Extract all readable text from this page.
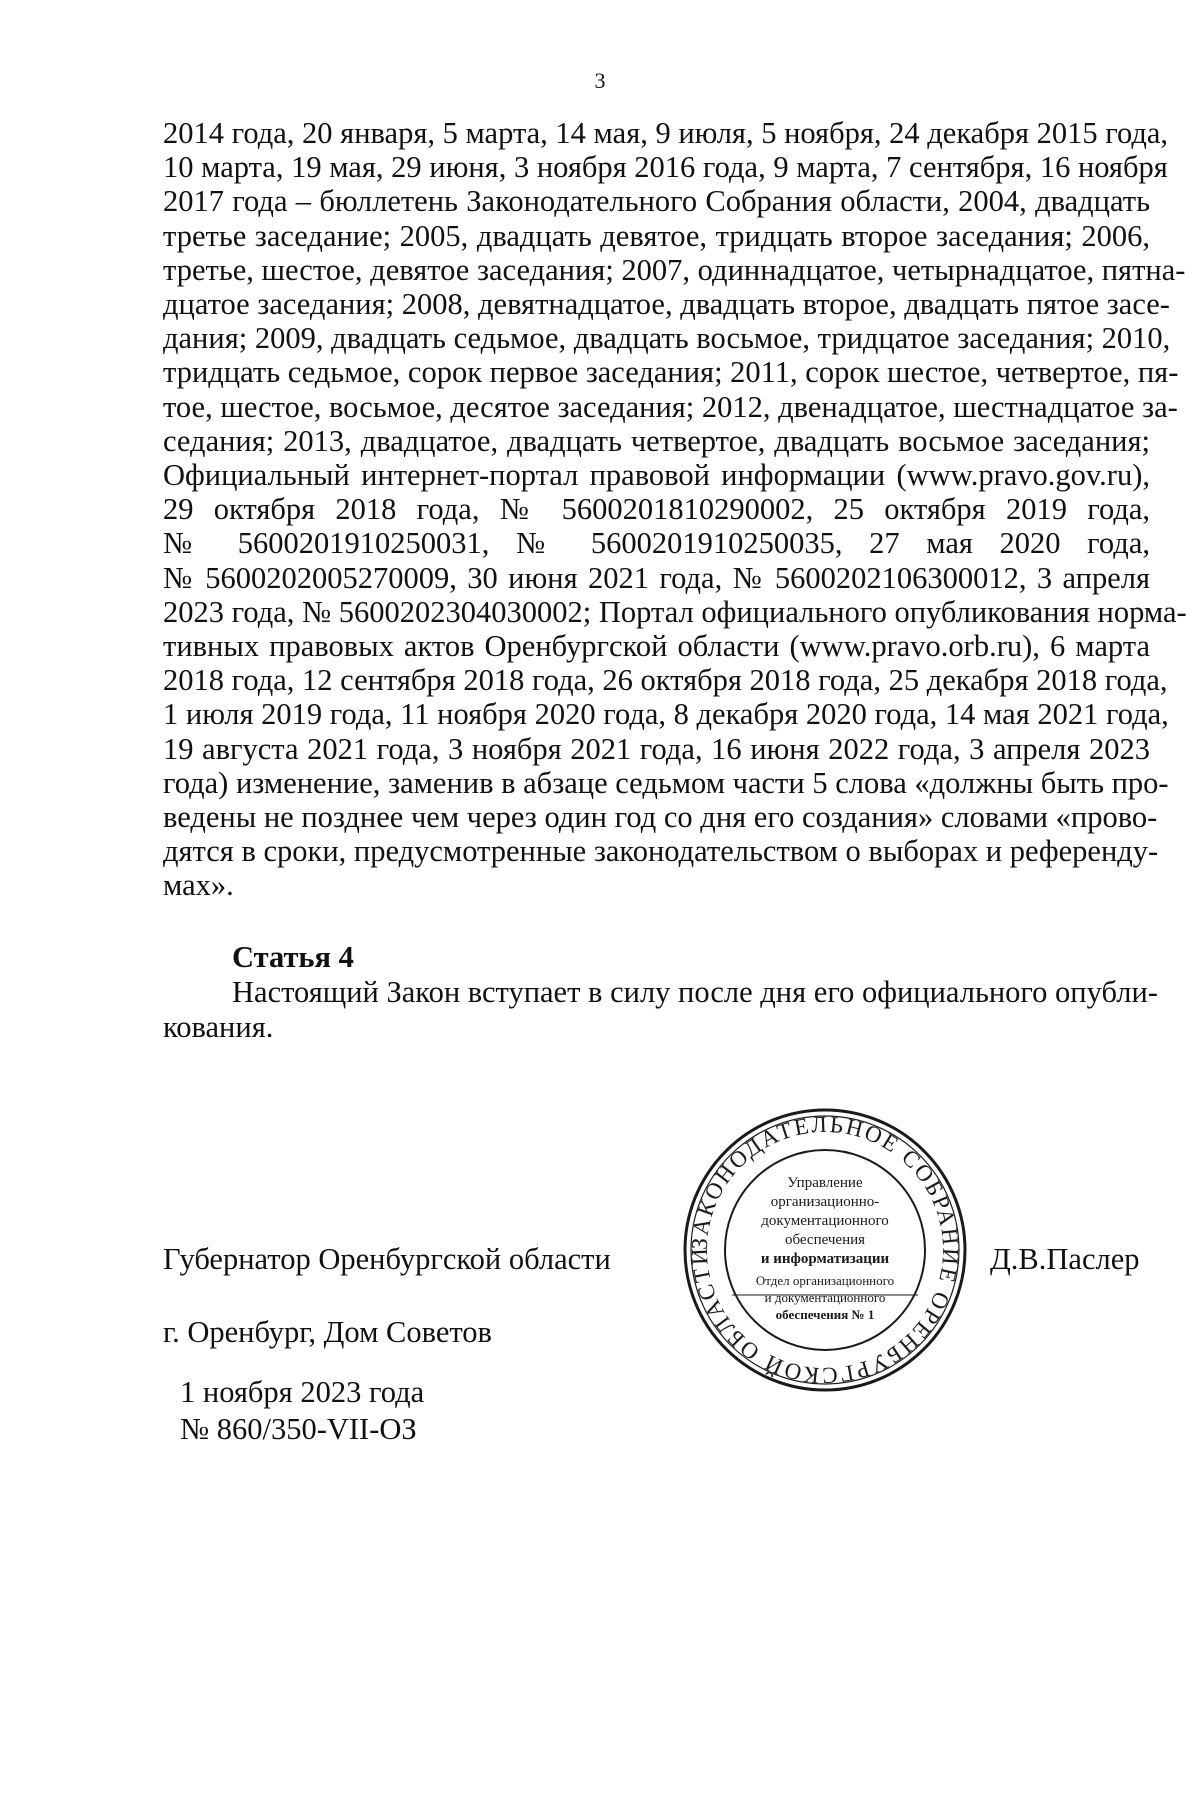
3
2014 года, 20 января, 5 марта, 14 мая, 9 июля, 5 ноября, 24 декабря 2015 года,
10 марта, 19 мая, 29 июня, 3 ноября 2016 года, 9 марта, 7 сентября, 16 ноября
2017 года – бюллетень Законодательного Собрания области, 2004, двадцать
третье заседание; 2005, двадцать девятое, тридцать второе заседания; 2006,
третье, шестое, девятое заседания; 2007, одиннадцатое, четырнадцатое, пятна-
дцатое заседания; 2008, девятнадцатое, двадцать второе, двадцать пятое засе-
дания; 2009, двадцать седьмое, двадцать восьмое, тридцатое заседания; 2010,
тридцать седьмое, сорок первое заседания; 2011, сорок шестое, четвертое, пя-
тое, шестое, восьмое, десятое заседания; 2012, двенадцатое, шестнадцатое за-
седания; 2013, двадцатое, двадцать четвертое, двадцать восьмое заседания;
Официальный интернет-портал правовой информации (www.pravo.gov.ru),
29 октября 2018 года, № 5600201810290002, 25 октября 2019 года,
№ 5600201910250031, № 5600201910250035, 27 мая 2020 года,
№ 5600202005270009, 30 июня 2021 года, № 5600202106300012, 3 апреля
2023 года, № 5600202304030002; Портал официального опубликования норма-
тивных правовых актов Оренбургской области (www.pravo.orb.ru), 6 марта
2018 года, 12 сентября 2018 года, 26 октября 2018 года, 25 декабря 2018 года,
1 июля 2019 года, 11 ноября 2020 года, 8 декабря 2020 года, 14 мая 2021 года,
19 августа 2021 года, 3 ноября 2021 года, 16 июня 2022 года, 3 апреля 2023
года) изменение, заменив в абзаце седьмом части 5 слова «должны быть про-
ведены не позднее чем через один год со дня его создания» словами «прово-
дятся в сроки, предусмотренные законодательством о выборах и референду-
мах».
Статья 4
Настоящий Закон вступает в силу после дня его официального опубли-
кования.
Губернатор Оренбургской области	ЗАКОНОДАТЕЛЬНОЕ СОБРАНИЕ ОРЕНБУРГСКОЙ ОБЛАСТИ
Управление
организационно-
документационного
обеспечения
и информатизации
Отдел организационного
и документационного
обеспечения № 1
Д.В.Паслер
г. Оренбург, Дом Советов
1 ноября 2023 года
№ 860/350-VII-ОЗ
